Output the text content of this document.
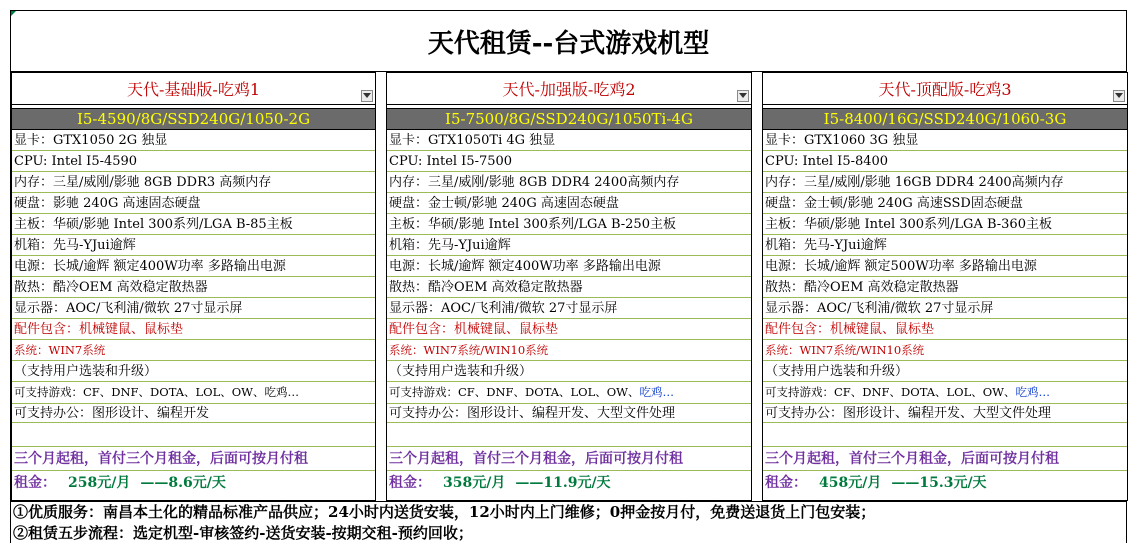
天代租赁--台式游戏机型
天代-基础版-吃鸡1
I5-4590/8G/SSD240G/1050-2G
显卡：GTX1050 2G 独显
CPU: Intel I5-4590
内存：三星/威刚/影驰 8GB DDR3 高频内存
硬盘：影驰 240G 高速固态硬盘
主板：华硕/影驰 Intel 300系列/LGA B-85主板
机箱：先马-YJui逾辉
电源：长城/逾辉 额定400W功率 多路输出电源
散热：酷冷OEM 高效稳定散热器
显示器：AOC/飞利浦/微软 27寸显示屏
配件包含：机械键鼠、鼠标垫
系统：WIN7系统
（支持用户选装和升级）
可支持游戏：CF、DNF、DOTA、LOL、OW、吃鸡…
可支持办公：图形设计、编程开发
三个月起租，首付三个月租金，后面可按月付租
租金： 258元/月 ——8.6元/天
天代-加强版-吃鸡2
I5-7500/8G/SSD240G/1050Ti-4G
显卡：GTX1050Ti 4G 独显
CPU: Intel I5-7500
内存：三星/威刚/影驰 8GB DDR4 2400高频内存
硬盘：金士顿/影驰 240G 高速固态硬盘
主板：华硕/影驰 Intel 300系列/LGA B-250主板
机箱：先马-YJui逾辉
电源：长城/逾辉 额定400W功率 多路输出电源
散热：酷冷OEM 高效稳定散热器
显示器：AOC/飞利浦/微软 27寸显示屏
配件包含：机械键鼠、鼠标垫
系统：WIN7系统/WIN10系统
（支持用户选装和升级）
可支持游戏：CF、DNF、DOTA、LOL、OW、吃鸡…
可支持办公：图形设计、编程开发、大型文件处理
三个月起租，首付三个月租金，后面可按月付租
租金： 358元/月 ——11.9元/天
天代-顶配版-吃鸡3
I5-8400/16G/SSD240G/1060-3G
显卡：GTX1060 3G 独显
CPU: Intel I5-8400
内存：三星/威刚/影驰 16GB DDR4 2400高频内存
硬盘：金士顿/影驰 240G 高速SSD固态硬盘
主板：华硕/影驰 Intel 300系列/LGA B-360主板
机箱：先马-YJui逾辉
电源：长城/逾辉 额定500W功率 多路输出电源
散热：酷冷OEM 高效稳定散热器
显示器：AOC/飞利浦/微软 27寸显示屏
配件包含：机械键鼠、鼠标垫
系统：WIN7系统/WIN10系统
（支持用户选装和升级）
可支持游戏：CF、DNF、DOTA、LOL、OW、吃鸡…
可支持办公：图形设计、编程开发、大型文件处理
三个月起租，首付三个月租金，后面可按月付租
租金： 458元/月 ——15.3元/天
①优质服务：南昌本土化的精品标准产品供应；24小时内送货安装，12小时内上门维修；0押金按月付，免费送退货上门包安装；
②租赁五步流程：选定机型-审核签约-送货安装-按期交租-预约回收；
